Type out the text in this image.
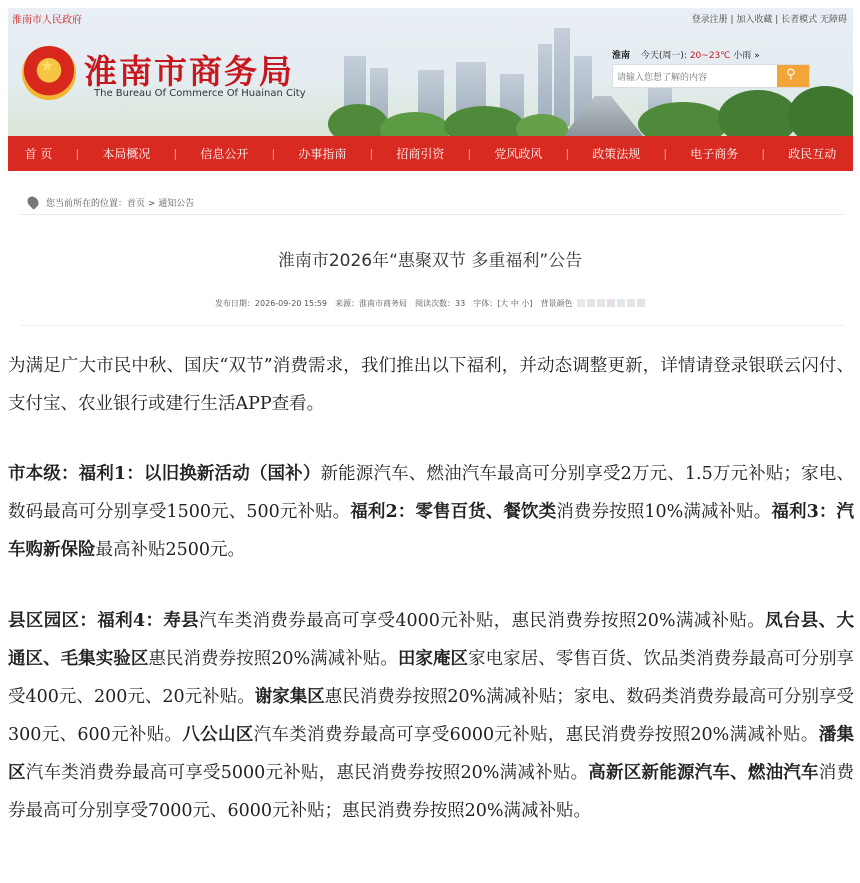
淮南市人民政府	登录注册 | 加入收藏 | 长者模式 无障碍
★ 淮南市商务局
The Bureau Of Commerce Of Huainan City
淮南 今天(周一): 20~23℃ 小雨 »
请输入您想了解的内容
⚲
首 页	|	本局概况	|	信息公开	|	办事指南	|	招商引资	|	党风政风	|	政策法规	|	电子商务	|	政民互动
您当前所在的位置：首页 > 通知公告
淮南市2026年“惠聚双节 多重福利”公告
发布日期：2026-09-20 15:59　来源：淮南市商务局　阅读次数：33　字体：[大 中 小]　背景颜色

为满足广大市民中秋、国庆“双节”消费需求，我们推出以下福利，并动态调整更新，详情请登录银联云闪付、支付宝、农业银行或建行生活APP查看。

市本级：福利1：以旧换新活动（国补）新能源汽车、燃油汽车最高可分别享受2万元、1.5万元补贴；家电、数码最高可分别享受1500元、500元补贴。福利2：零售百货、餐饮类消费券按照10%满减补贴。福利3：汽车购新保险最高补贴2500元。

县区园区：福利4：寿县汽车类消费券最高可享受4000元补贴，惠民消费券按照20%满减补贴。凤台县、大通区、毛集实验区惠民消费券按照20%满减补贴。田家庵区家电家居、零售百货、饮品类消费券最高可分别享受400元、200元、20元补贴。谢家集区惠民消费券按照20%满减补贴；家电、数码类消费券最高可分别享受300元、600元补贴。八公山区汽车类消费券最高可享受6000元补贴，惠民消费券按照20%满减补贴。潘集区汽车类消费券最高可享受5000元补贴，惠民消费券按照20%满减补贴。高新区新能源汽车、燃油汽车消费券最高可分别享受7000元、6000元补贴；惠民消费券按照20%满减补贴。
